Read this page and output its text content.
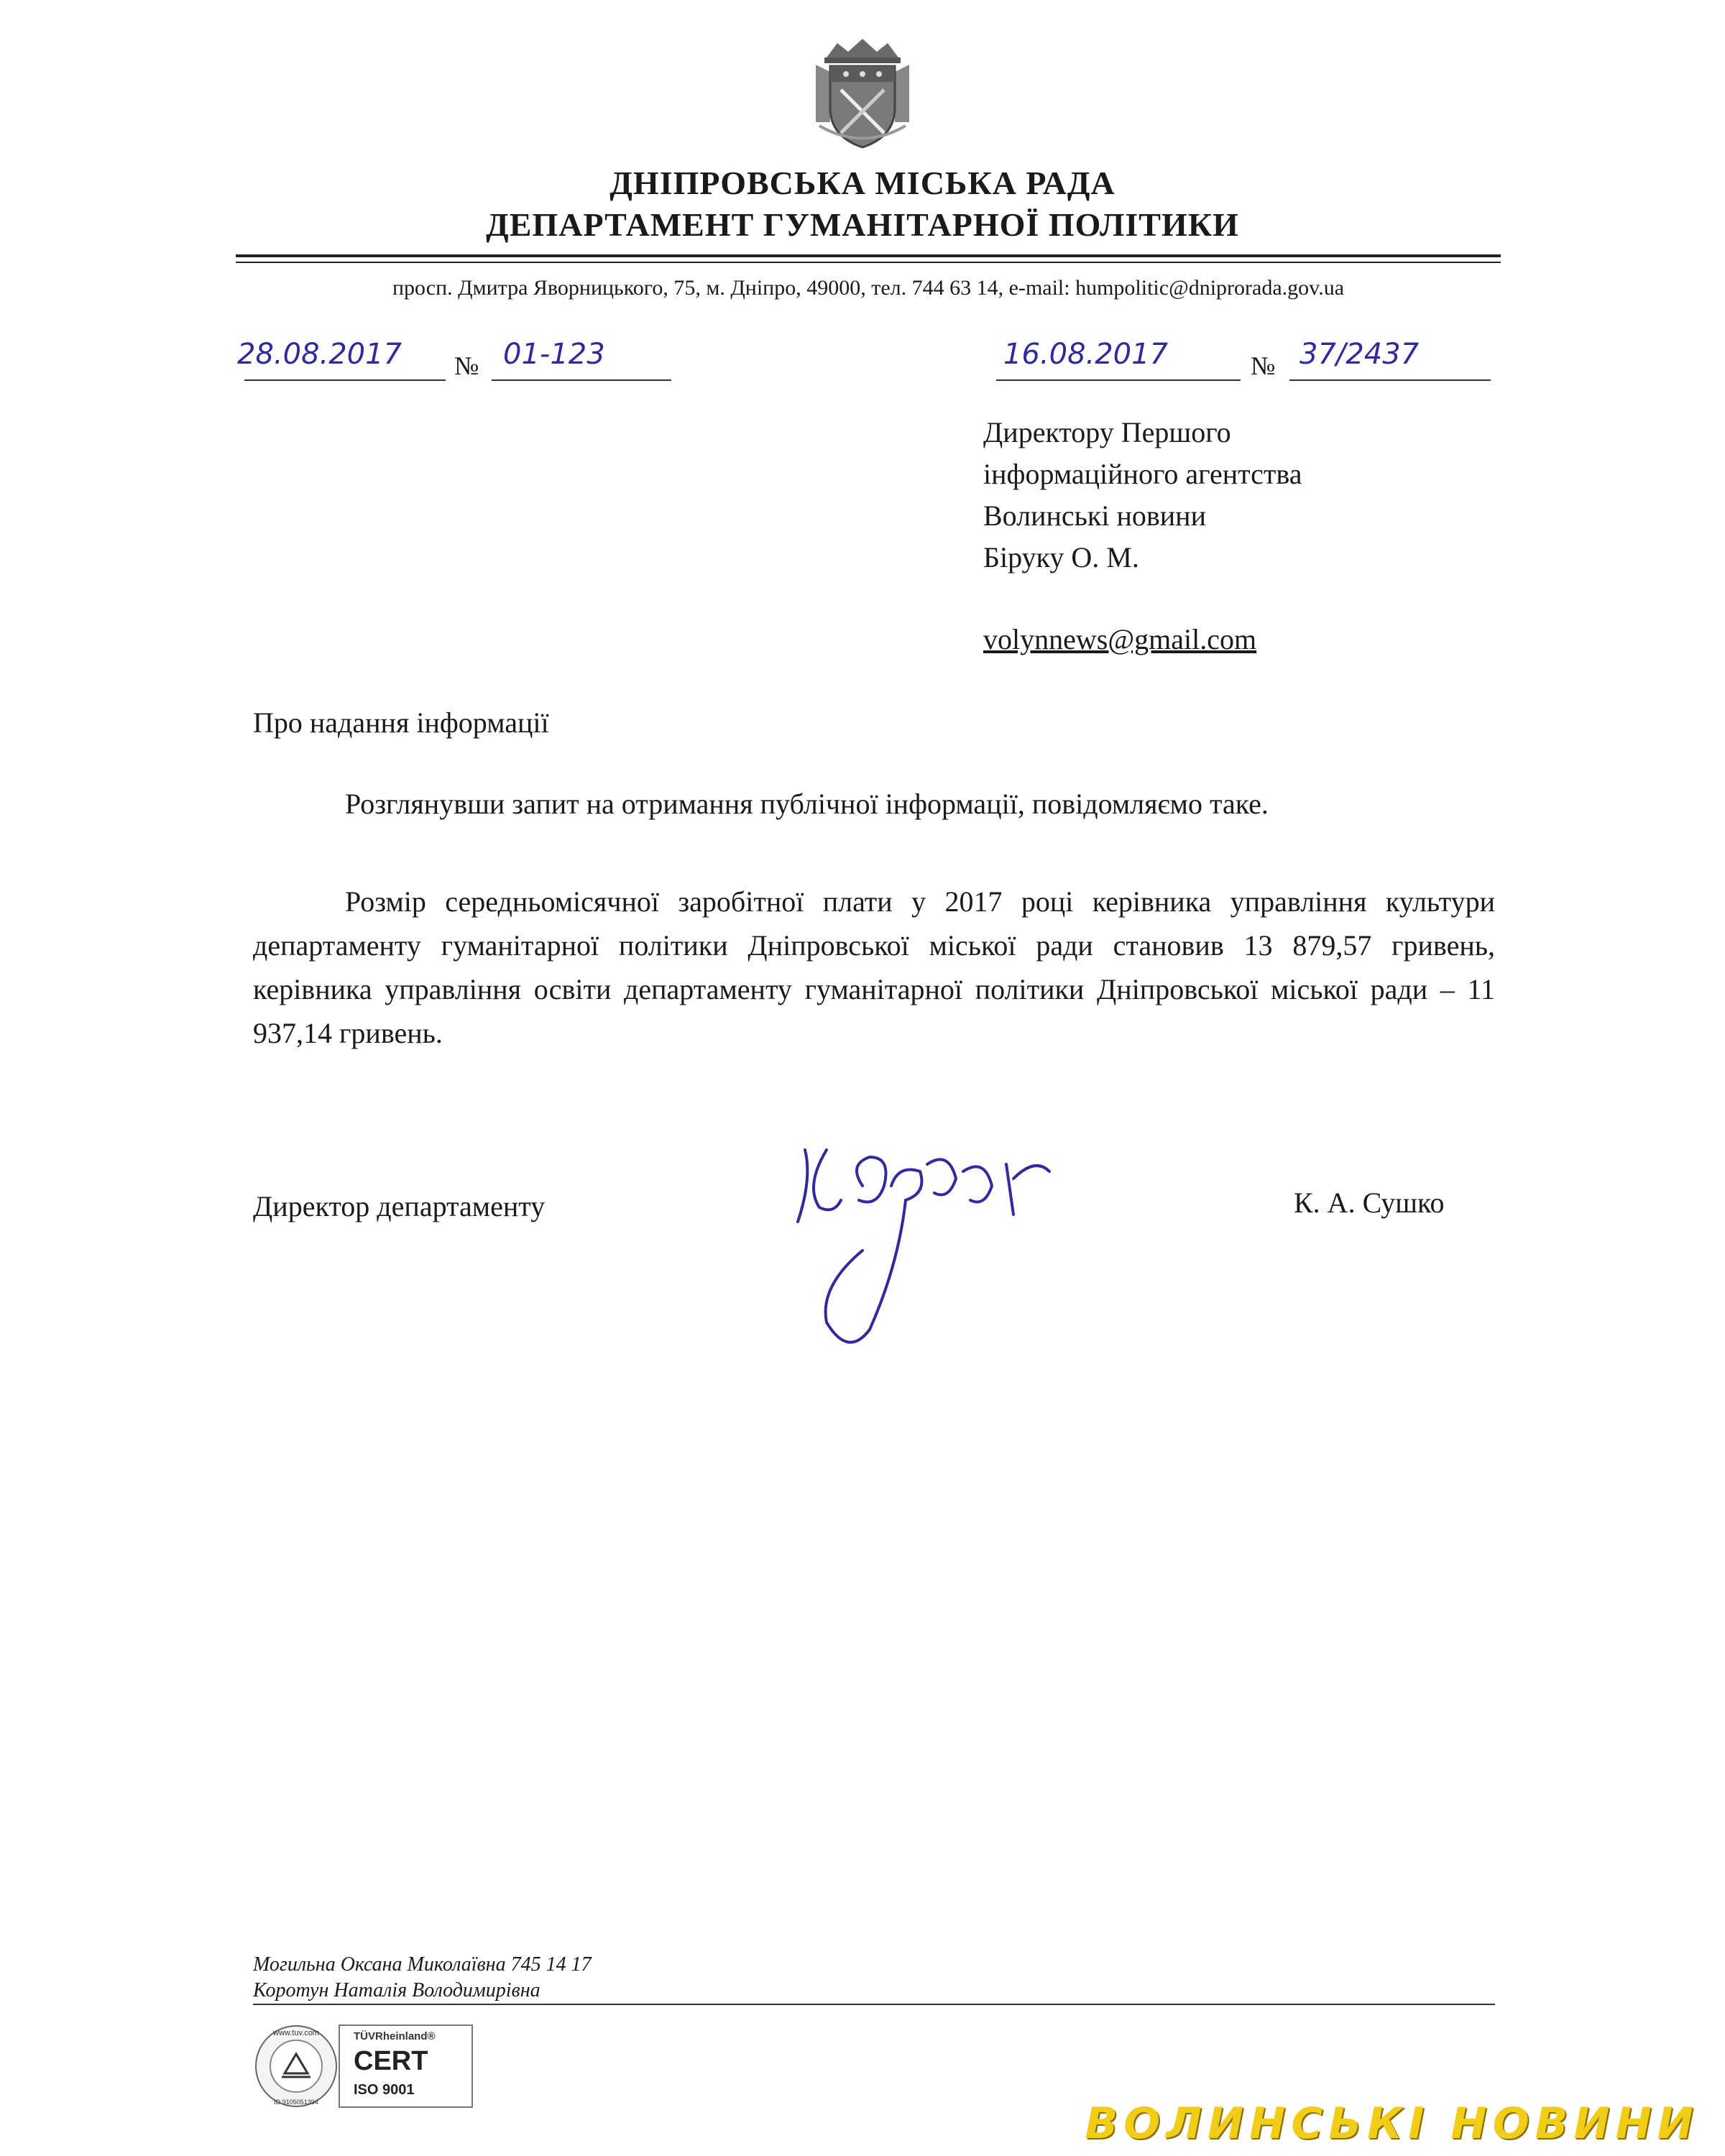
ДНІПРОВСЬКА МІСЬКА РАДА
ДЕПАРТАМЕНТ ГУМАНІТАРНОЇ ПОЛІТИКИ
просп. Дмитра Яворницького, 75, м. Дніпро, 49000, тел. 744 63 14, e-mail: humpolitic@dniprorada.gov.ua
28.08.2017 № 01-123	16.08.2017	№ 37/2437
Директору Першого
інформаційного агентства
Волинські новини
Біруку О. М.
volynnews@gmail.com
Про надання інформації
Розглянувши запит на отримання публічної інформації, повідомляємо таке.
Розмір середньомісячної заробітної плати у 2017 році керівника управління культури департаменту гуманітарної політики Дніпровської міської ради становив 13 879,57 гривень, керівника управління освіти департаменту гуманітарної політики Дніпровської міської ради – 11 937,14 гривень.
Директор департаменту	К. А. Сушко
Могильна Оксана Миколаївна 745 14 17
Коротун Наталія Володимирівна
www.tuv.com
ID 9105051394
TÜVRheinland®
CERT
ISO 9001
ВОЛИНСЬКІ НОВИНИ
